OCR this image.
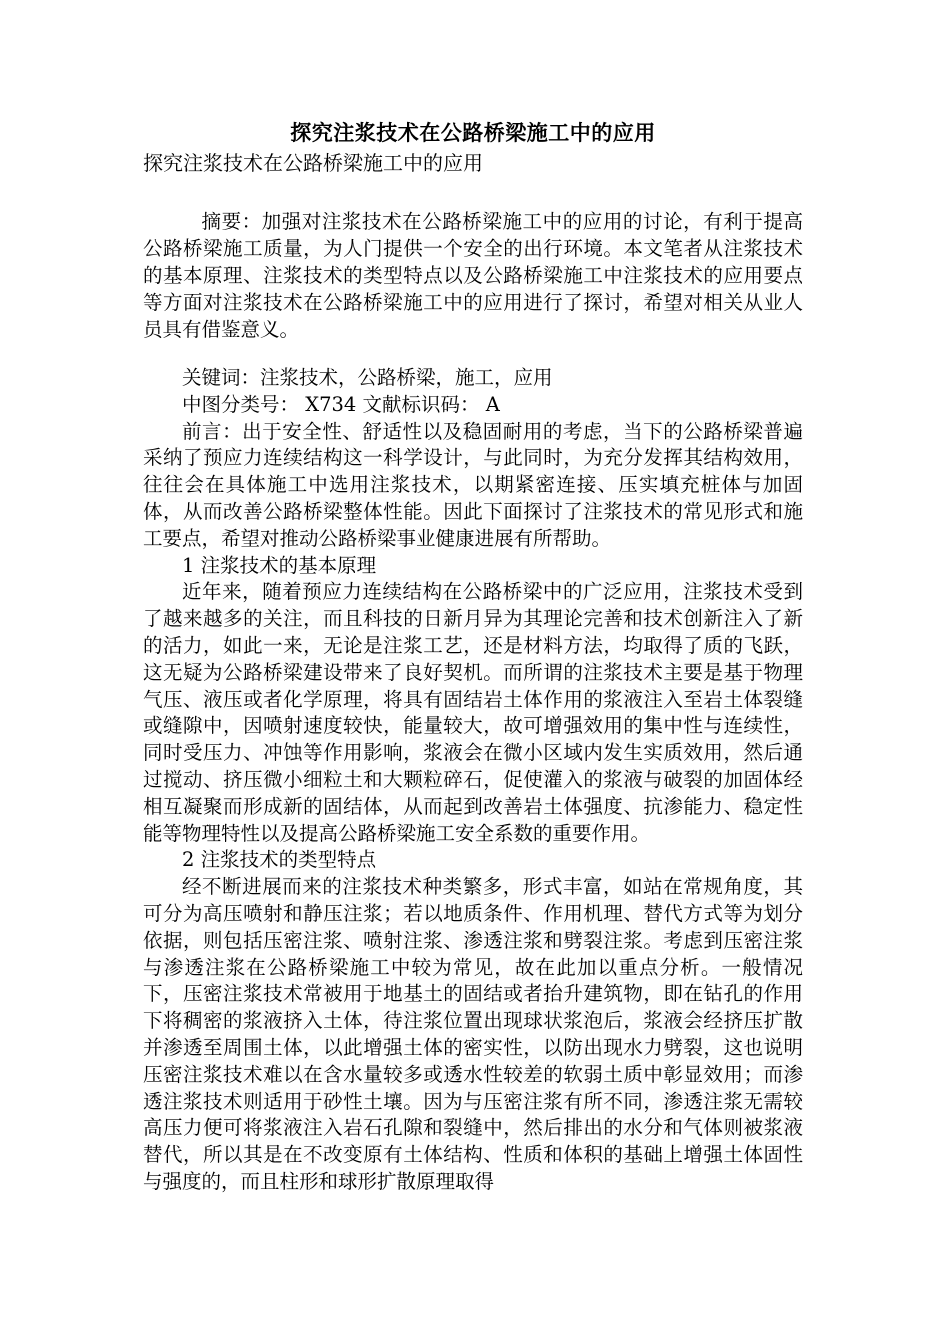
探究注浆技术在公路桥梁施工中的应用
探究注浆技术在公路桥梁施工中的应用

摘要：加强对注浆技术在公路桥梁施工中的应用的讨论，有利于提高公路桥梁施工质量，为人门提供一个安全的出行环境。本文笔者从注浆技术的基本原理、注浆技术的类型特点以及公路桥梁施工中注浆技术的应用要点等方面对注浆技术在公路桥梁施工中的应用进行了探讨，希望对相关从业人员具有借鉴意义。

关键词：注浆技术，公路桥梁，施工，应用

中图分类号： X734 文献标识码： A

前言：出于安全性、舒适性以及稳固耐用的考虑，当下的公路桥梁普遍采纳了预应力连续结构这一科学设计，与此同时，为充分发挥其结构效用，往往会在具体施工中选用注浆技术，以期紧密连接、压实填充桩体与加固体，从而改善公路桥梁整体性能。因此下面探讨了注浆技术的常见形式和施工要点，希望对推动公路桥梁事业健康进展有所帮助。

1 注浆技术的基本原理

近年来，随着预应力连续结构在公路桥梁中的广泛应用，注浆技术受到了越来越多的关注，而且科技的日新月异为其理论完善和技术创新注入了新的活力，如此一来，无论是注浆工艺，还是材料方法，均取得了质的飞跃，这无疑为公路桥梁建设带来了良好契机。而所谓的注浆技术主要是基于物理气压、液压或者化学原理，将具有固结岩土体作用的浆液注入至岩土体裂缝或缝隙中，因喷射速度较快，能量较大，故可增强效用的集中性与连续性，同时受压力、冲蚀等作用影响，浆液会在微小区域内发生实质效用，然后通过搅动、挤压微小细粒土和大颗粒碎石，促使灌入的浆液与破裂的加固体经相互凝聚而形成新的固结体，从而起到改善岩土体强度、抗渗能力、稳定性能等物理特性以及提高公路桥梁施工安全系数的重要作用。

2 注浆技术的类型特点

经不断进展而来的注浆技术种类繁多，形式丰富，如站在常规角度，其可分为高压喷射和静压注浆；若以地质条件、作用机理、替代方式等为划分依据，则包括压密注浆、喷射注浆、渗透注浆和劈裂注浆。考虑到压密注浆与渗透注浆在公路桥梁施工中较为常见，故在此加以重点分析。一般情况下，压密注浆技术常被用于地基土的固结或者抬升建筑物，即在钻孔的作用下将稠密的浆液挤入土体，待注浆位置出现球状浆泡后，浆液会经挤压扩散并渗透至周围土体，以此增强土体的密实性，以防出现水力劈裂，这也说明压密注浆技术难以在含水量较多或透水性较差的软弱土质中彰显效用；而渗透注浆技术则适用于砂性土壤。因为与压密注浆有所不同，渗透注浆无需较高压力便可将浆液注入岩石孔隙和裂缝中，然后排出的水分和气体则被浆液替代，所以其是在不改变原有土体结构、性质和体积的基础上增强土体固性与强度的，而且柱形和球形扩散原理取得
